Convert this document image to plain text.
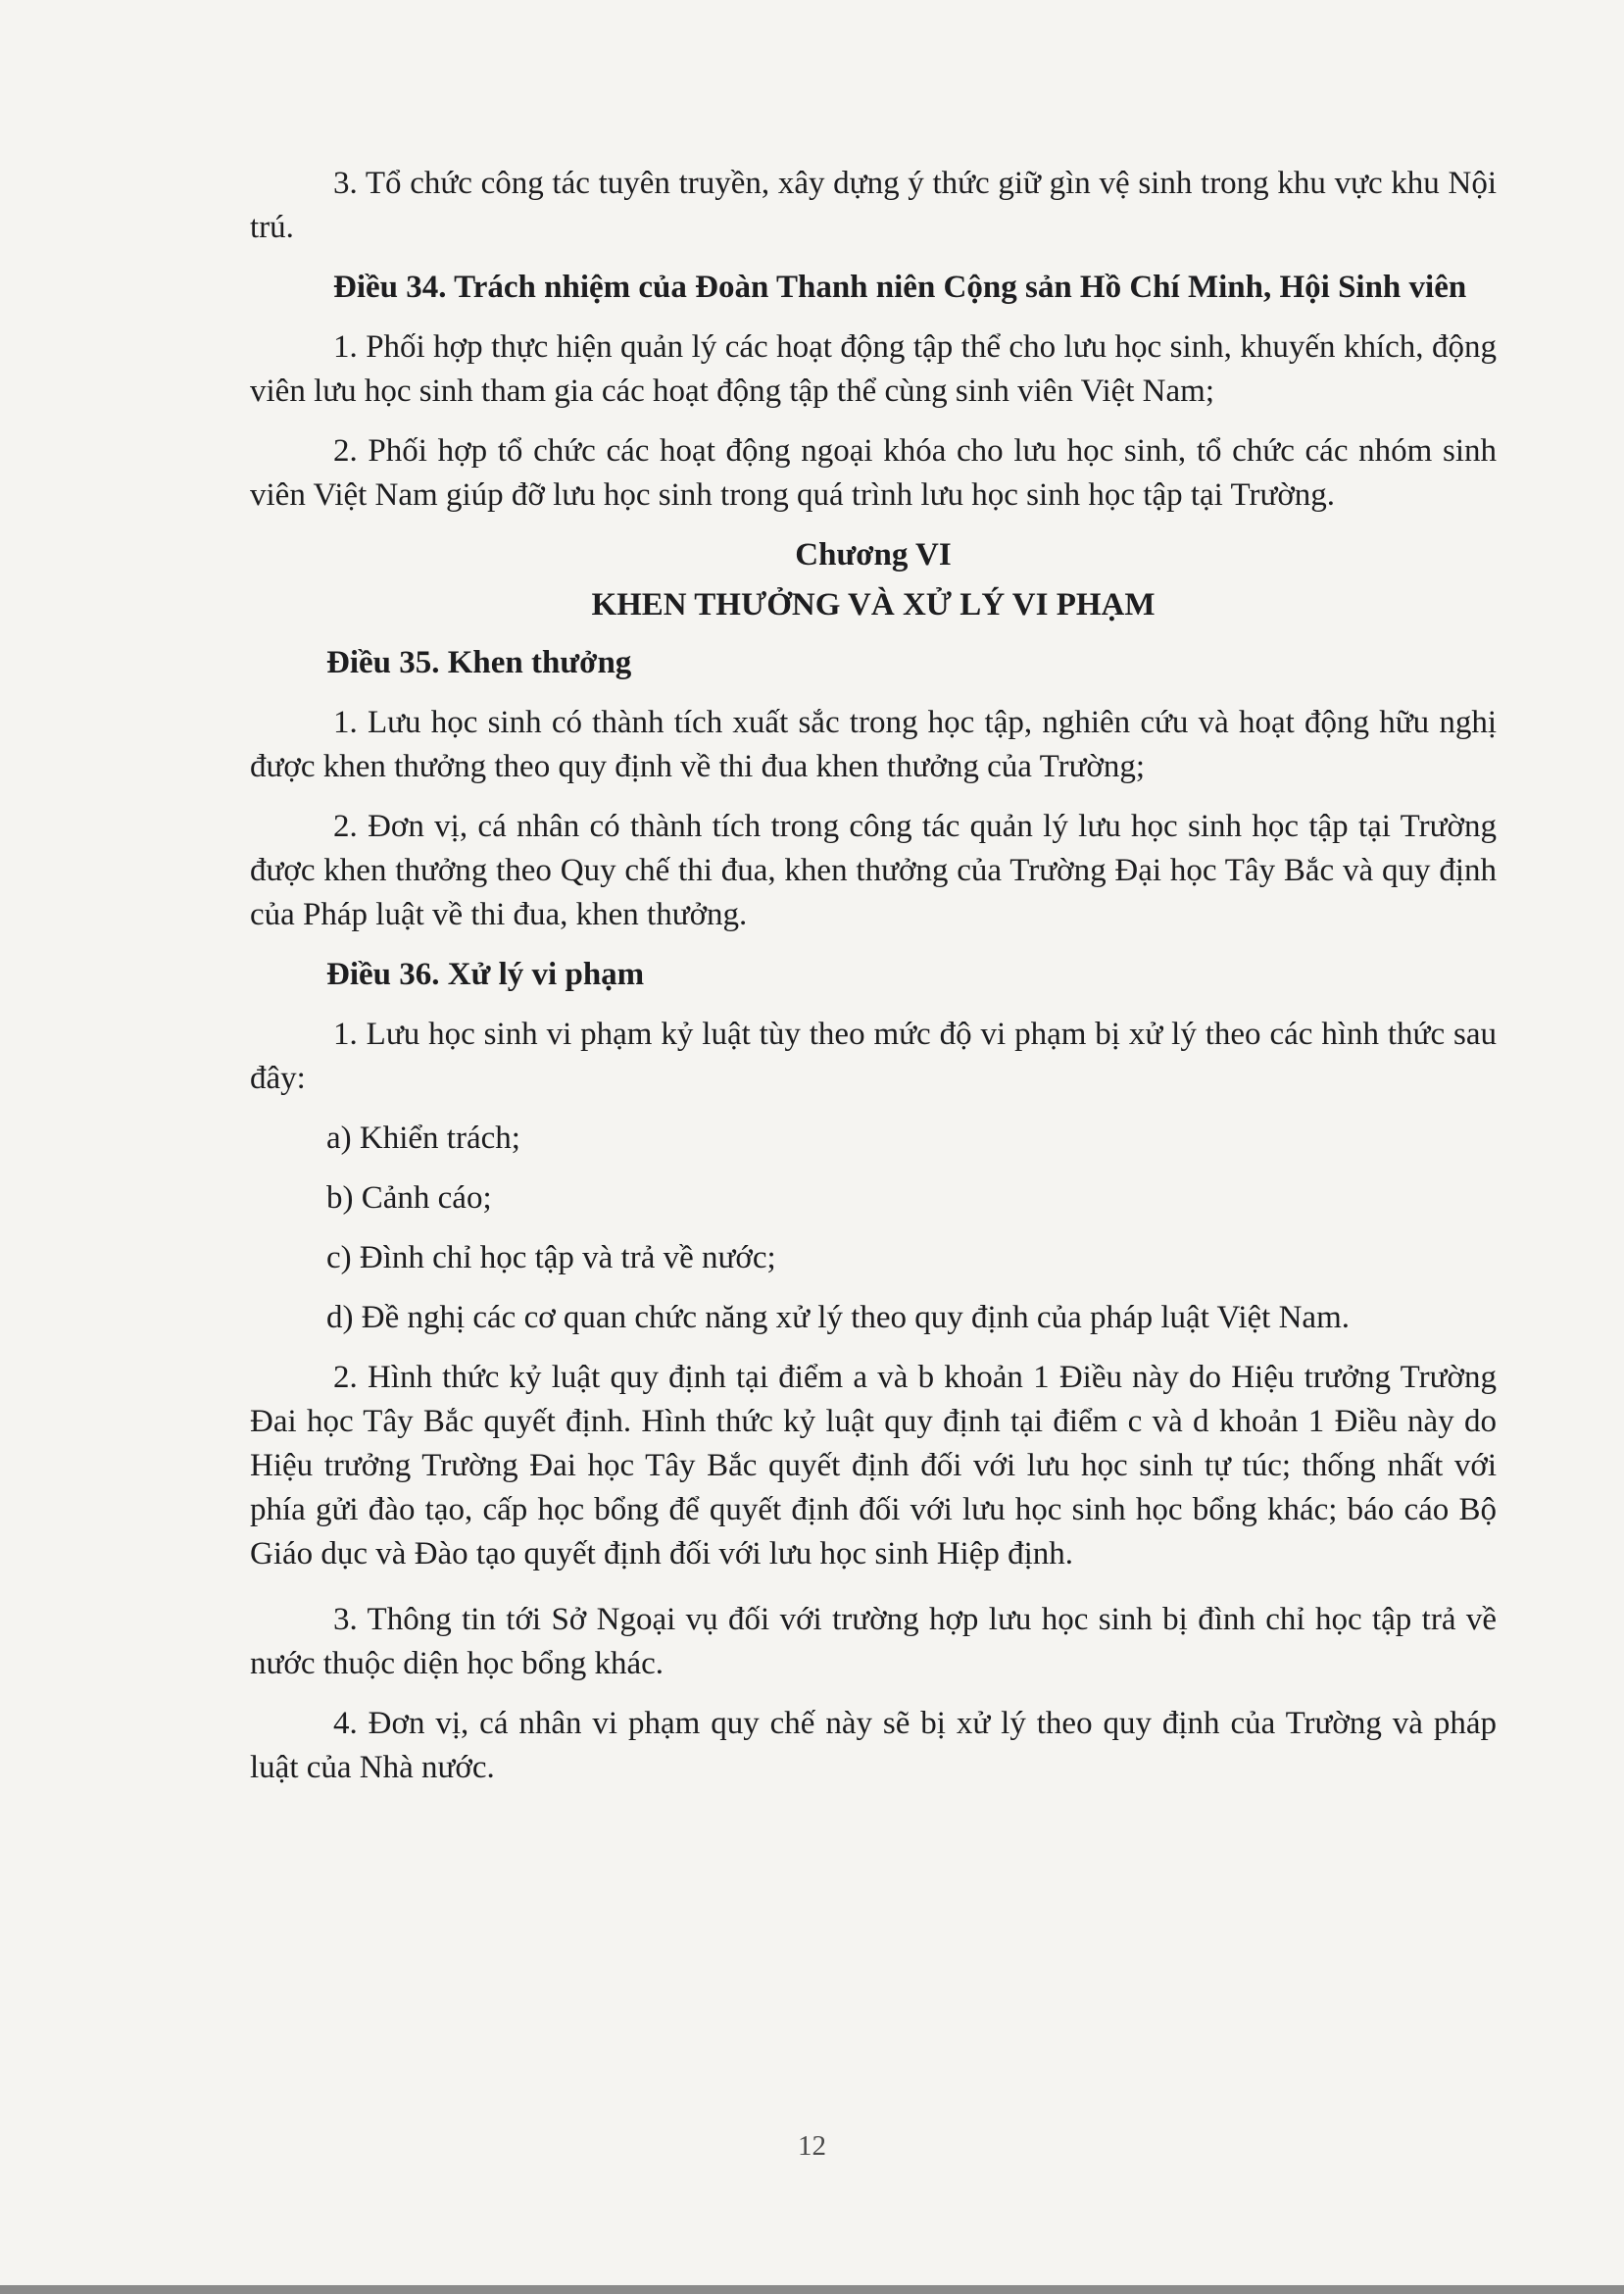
3. Tổ chức công tác tuyên truyền, xây dựng ý thức giữ gìn vệ sinh trong khu vực khu Nội trú.

Điều 34. Trách nhiệm của Đoàn Thanh niên Cộng sản Hồ Chí Minh, Hội Sinh viên

1. Phối hợp thực hiện quản lý các hoạt động tập thể cho lưu học sinh, khuyến khích, động viên lưu học sinh tham gia các hoạt động tập thể cùng sinh viên Việt Nam;

2. Phối hợp tổ chức các hoạt động ngoại khóa cho lưu học sinh, tổ chức các nhóm sinh viên Việt Nam giúp đỡ lưu học sinh trong quá trình lưu học sinh học tập tại Trường.

Chương VI

KHEN THƯỞNG VÀ XỬ LÝ VI PHẠM

Điều 35. Khen thưởng

1. Lưu học sinh có thành tích xuất sắc trong học tập, nghiên cứu và hoạt động hữu nghị được khen thưởng theo quy định về thi đua khen thưởng của Trường;

2. Đơn vị, cá nhân có thành tích trong công tác quản lý lưu học sinh học tập tại Trường được khen thưởng theo Quy chế thi đua, khen thưởng của Trường Đại học Tây Bắc và quy định của Pháp luật về thi đua, khen thưởng.

Điều 36. Xử lý vi phạm

1. Lưu học sinh vi phạm kỷ luật tùy theo mức độ vi phạm bị xử lý theo các hình thức sau đây:

a) Khiển trách;

b) Cảnh cáo;

c) Đình chỉ học tập và trả về nước;

d) Đề nghị các cơ quan chức năng xử lý theo quy định của pháp luật Việt Nam.

2. Hình thức kỷ luật quy định tại điểm a và b khoản 1 Điều này do Hiệu trưởng Trường Đai học Tây Bắc quyết định. Hình thức kỷ luật quy định tại điểm c và d khoản 1 Điều này do Hiệu trưởng Trường Đai học Tây Bắc quyết định đối với lưu học sinh tự túc; thống nhất với phía gửi đào tạo, cấp học bổng để quyết định đối với lưu học sinh học bổng khác; báo cáo Bộ Giáo dục và Đào tạo quyết định đối với lưu học sinh Hiệp định.

3. Thông tin tới Sở Ngoại vụ đối với trường hợp lưu học sinh bị đình chỉ học tập trả về nước thuộc diện học bổng khác.

4. Đơn vị, cá nhân vi phạm quy chế này sẽ bị xử lý theo quy định của Trường và pháp luật của Nhà nước.

12
